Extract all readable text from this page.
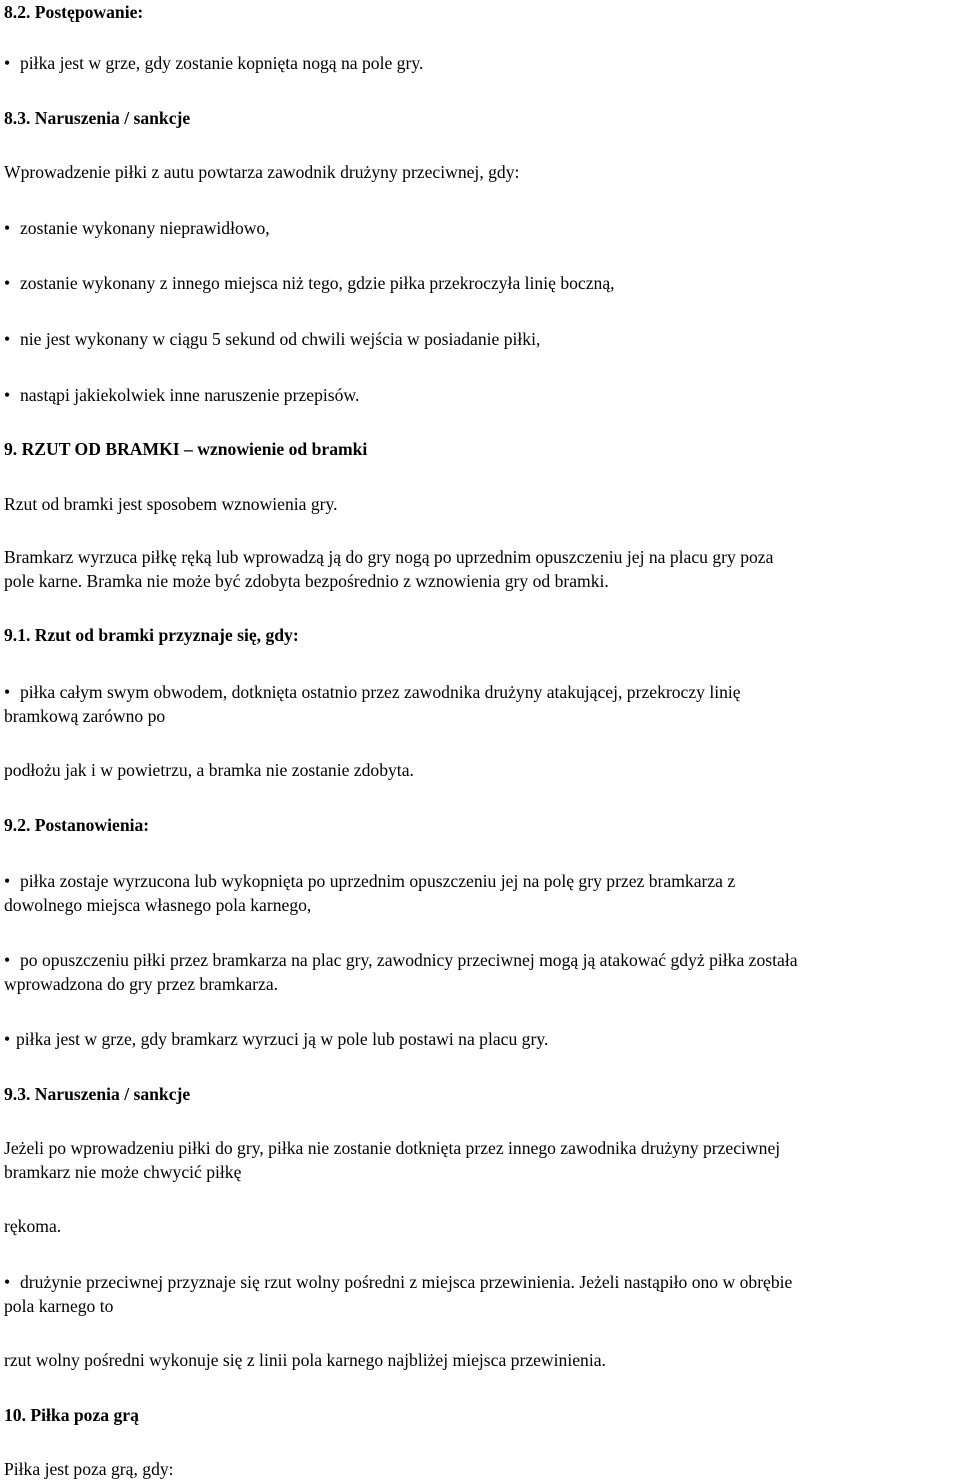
8.2. Postępowanie:

• piłka jest w grze, gdy zostanie kopnięta nogą na pole gry.

8.3. Naruszenia / sankcje

Wprowadzenie piłki z autu powtarza zawodnik drużyny przeciwnej, gdy:

• zostanie wykonany nieprawidłowo,

• zostanie wykonany z innego miejsca niż tego, gdzie piłka przekroczyła linię boczną,

• nie jest wykonany w ciągu 5 sekund od chwili wejścia w posiadanie piłki,

• nastąpi jakiekolwiek inne naruszenie przepisów.

9. RZUT OD BRAMKI – wznowienie od bramki

Rzut od bramki jest sposobem wznowienia gry.

Bramkarz wyrzuca piłkę ręką lub wprowadzą ją do gry nogą po uprzednim opuszczeniu jej na placu gry poza

pole karne. Bramka nie może być zdobyta bezpośrednio z wznowienia gry od bramki.

9.1. Rzut od bramki przyznaje się, gdy:

• piłka całym swym obwodem, dotknięta ostatnio przez zawodnika drużyny atakującej, przekroczy linię

bramkową zarówno po

podłożu jak i w powietrzu, a bramka nie zostanie zdobyta.

9.2. Postanowienia:

• piłka zostaje wyrzucona lub wykopnięta po uprzednim opuszczeniu jej na polę gry przez bramkarza z

dowolnego miejsca własnego pola karnego,

• po opuszczeniu piłki przez bramkarza na plac gry, zawodnicy przeciwnej mogą ją atakować gdyż piłka została

wprowadzona do gry przez bramkarza.

• piłka jest w grze, gdy bramkarz wyrzuci ją w pole lub postawi na placu gry.

9.3. Naruszenia / sankcje

Jeżeli po wprowadzeniu piłki do gry, piłka nie zostanie dotknięta przez innego zawodnika drużyny przeciwnej

bramkarz nie może chwycić piłkę

rękoma.

• drużynie przeciwnej przyznaje się rzut wolny pośredni z miejsca przewinienia. Jeżeli nastąpiło ono w obrębie

pola karnego to

rzut wolny pośredni wykonuje się z linii pola karnego najbliżej miejsca przewinienia.

10. Piłka poza grą

Piłka jest poza grą, gdy:
